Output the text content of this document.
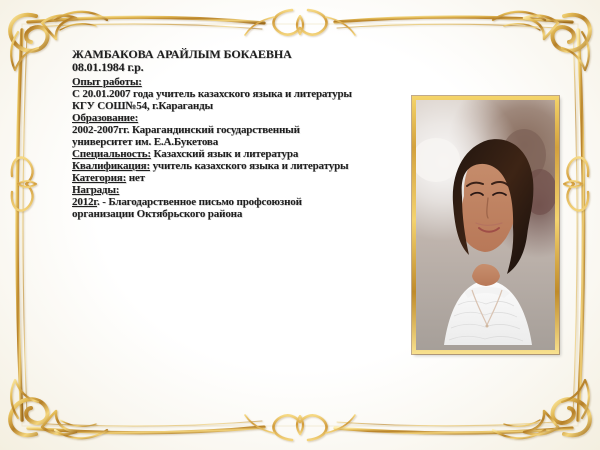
ЖАМБАКОВА АРАЙЛЫМ БОКАЕВНА
08.01.1984 г.р.
Опыт работы:
С 20.01.2007 года учитель казахского языка и литературы
КГУ СОШ№54, г.Караганды
Образование:
2002-2007гг. Карагандинский государственный
университет им. Е.А.Букетова
Специальность: Казахский язык и литература
Квалификация: учитель казахского языка и литературы
Категория: нет
Награды:
2012г. - Благодарственное письмо профсоюзной
организации Октябрьского района
